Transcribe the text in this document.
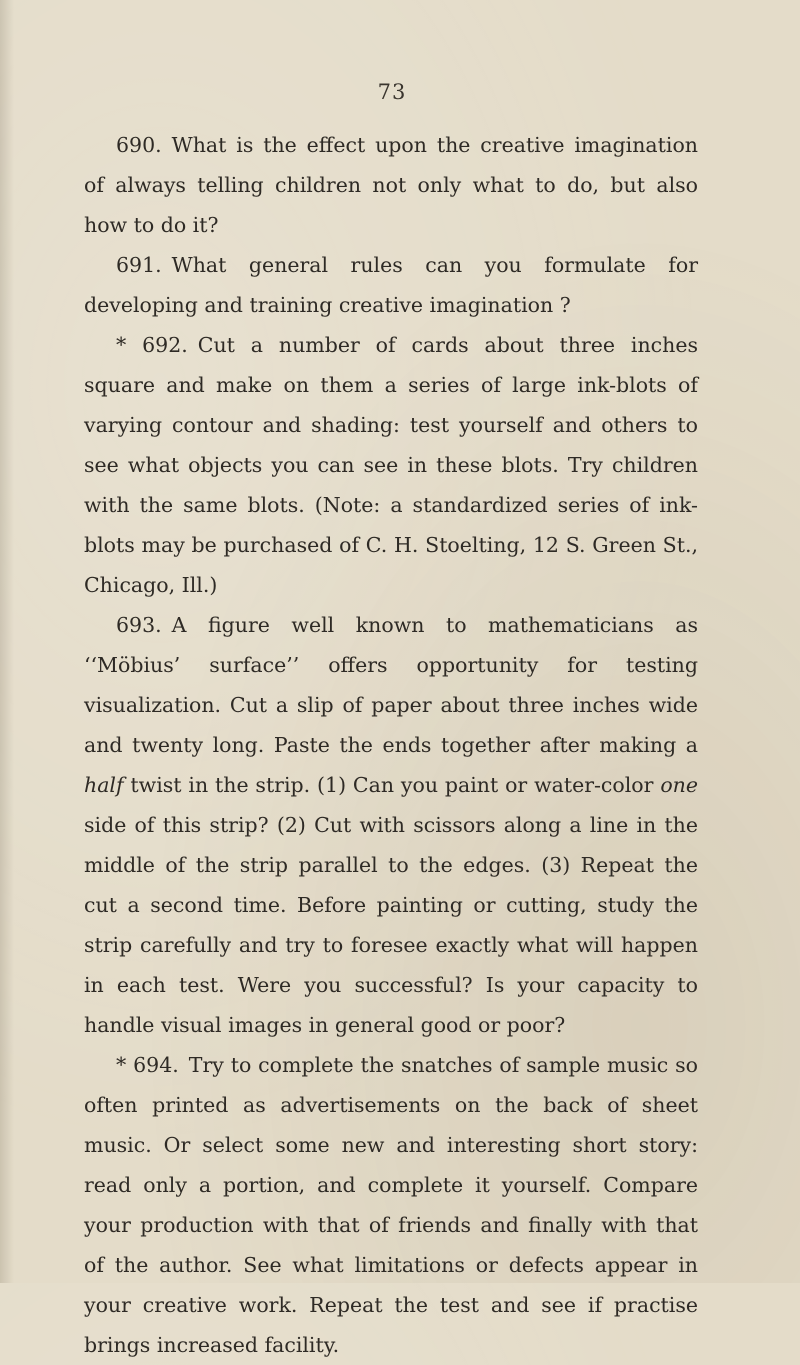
73

690. What is the effect upon the creative imagination of always telling children not only what to do, but also how to do it?

691. What general rules can you formulate for developing and training creative imagination ?

* 692. Cut a number of cards about three inches square and make on them a series of large ink-blots of varying contour and shading: test yourself and others to see what objects you can see in these blots. Try children with the same blots. (Note: a standardized series of ink-blots may be purchased of C. H. Stoelting, 12 S. Green St., Chicago, Ill.)

693. A figure well known to mathematicians as ‘‘Möbius’ surface’’ offers opportunity for testing visualization. Cut a slip of paper about three inches wide and twenty long. Paste the ends together after making a half twist in the strip. (1) Can you paint or water-color one side of this strip? (2) Cut with scissors along a line in the middle of the strip parallel to the edges. (3) Repeat the cut a second time. Before painting or cutting, study the strip carefully and try to foresee exactly what will happen in each test. Were you successful? Is your capacity to handle visual images in general good or poor?

* 694. Try to complete the snatches of sample music so often printed as advertisements on the back of sheet music. Or select some new and interesting short story: read only a portion, and complete it yourself. Compare your production with that of friends and finally with that of the author. See what limitations or defects appear in your creative work. Repeat the test and see if practise brings increased facility.
